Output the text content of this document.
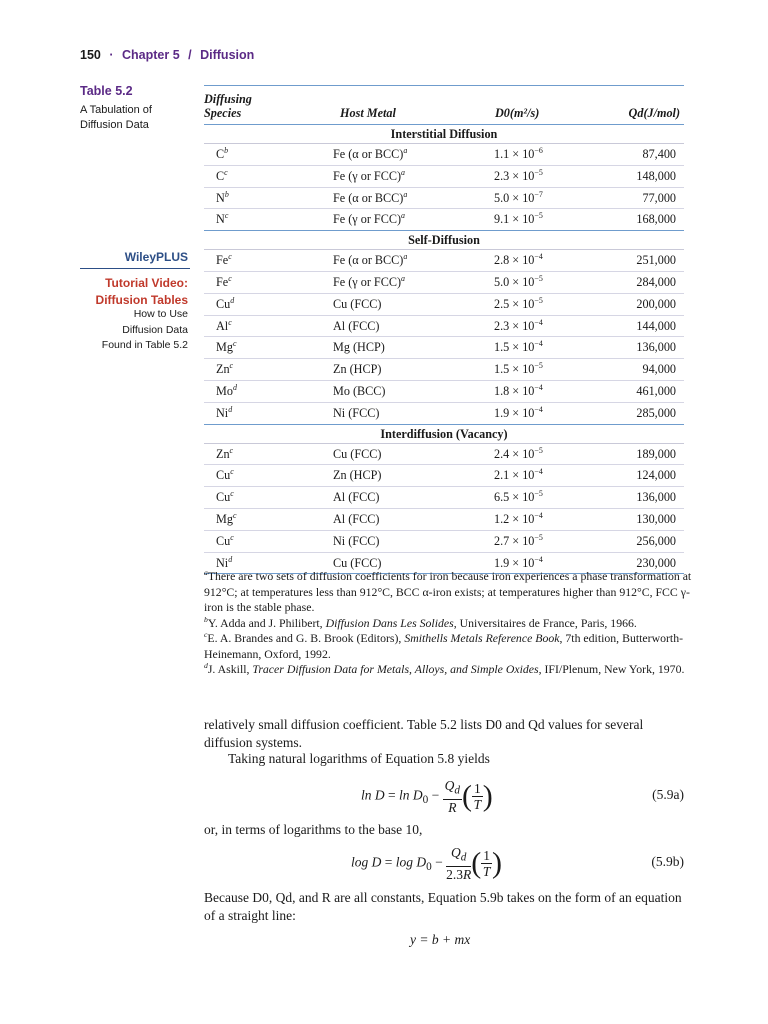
150 · Chapter 5 / Diffusion
Table 5.2
A Tabulation of Diffusion Data
WileyPLUS
Tutorial Video:
Diffusion Tables
How to Use
Diffusion Data
Found in Table 5.2
Diffusing
Species	Host Metal	D0(m²/s)	Qd(J/mol)
Interstitial Diffusion
$C^b$	Fe (α or BCC)$^a$	$1.1 \times 10^{-6}$	87,400
$C^c$	Fe (γ or FCC)$^a$	$2.3 \times 10^{-5}$	148,000
$N^b$	Fe (α or BCC)$^a$	$5.0 \times 10^{-7}$	77,000
$N^c$	Fe (γ or FCC)$^a$	$9.1 \times 10^{-5}$	168,000
Self-Diffusion
Fe$^c$	Fe (α or BCC)$^a$	$2.8 \times 10^{-4}$	251,000
Fe$^c$	Fe (γ or FCC)$^a$	$5.0 \times 10^{-5}$	284,000
Cu$^d$	Cu (FCC)	$2.5 \times 10^{-5}$	200,000
Al$^c$	Al (FCC)	$2.3 \times 10^{-4}$	144,000
Mg$^c$	Mg (HCP)	$1.5 \times 10^{-4}$	136,000
Zn$^c$	Zn (HCP)	$1.5 \times 10^{-5}$	94,000
Mo$^d$	Mo (BCC)	$1.8 \times 10^{-4}$	461,000
Ni$^d$	Ni (FCC)	$1.9 \times 10^{-4}$	285,000
Interdiffusion (Vacancy)
Zn$^c$	Cu (FCC)	$2.4 \times 10^{-5}$	189,000
Cu$^c$	Zn (HCP)	$2.1 \times 10^{-4}$	124,000
Cu$^c$	Al (FCC)	$6.5 \times 10^{-5}$	136,000
Mg$^c$	Al (FCC)	$1.2 \times 10^{-4}$	130,000
Cu$^c$	Ni (FCC)	$2.7 \times 10^{-5}$	256,000
Ni$^d$	Cu (FCC)	$1.9 \times 10^{-4}$	230,000

$^a$There are two sets of diffusion coefficients for iron because iron experiences a phase transformation at 912°C; at temperatures less than 912°C, BCC α-iron exists; at temperatures higher than 912°C, FCC γ-iron is the stable phase.

$^b$Y. Adda and J. Philibert, Diffusion Dans Les Solides, Universitaires de France, Paris, 1966.

$^c$E. A. Brandes and G. B. Brook (Editors), Smithells Metals Reference Book, 7th edition, Butterworth-Heinemann, Oxford, 1992.

$^d$J. Askill, Tracer Diffusion Data for Metals, Alloys, and Simple Oxides, IFI/Plenum, New York, 1970.

relatively small diffusion coefficient. Table 5.2 lists D0 and Qd values for several diffusion systems.
Taking natural logarithms of Equation 5.8 yields
$\ln D = \ln D_0 - \frac{Q_d}{R}$ ( $\frac{1}{T}$ )	(5.9a)
or, in terms of logarithms to the base 10,
$\log D = \log D_0 - \frac{Q_d}{2.3R}$ ( $\frac{1}{T}$ )	(5.9b)
Because D0, Qd, and R are all constants, Equation 5.9b takes on the form of an equation of a straight line:
y = b + mx
